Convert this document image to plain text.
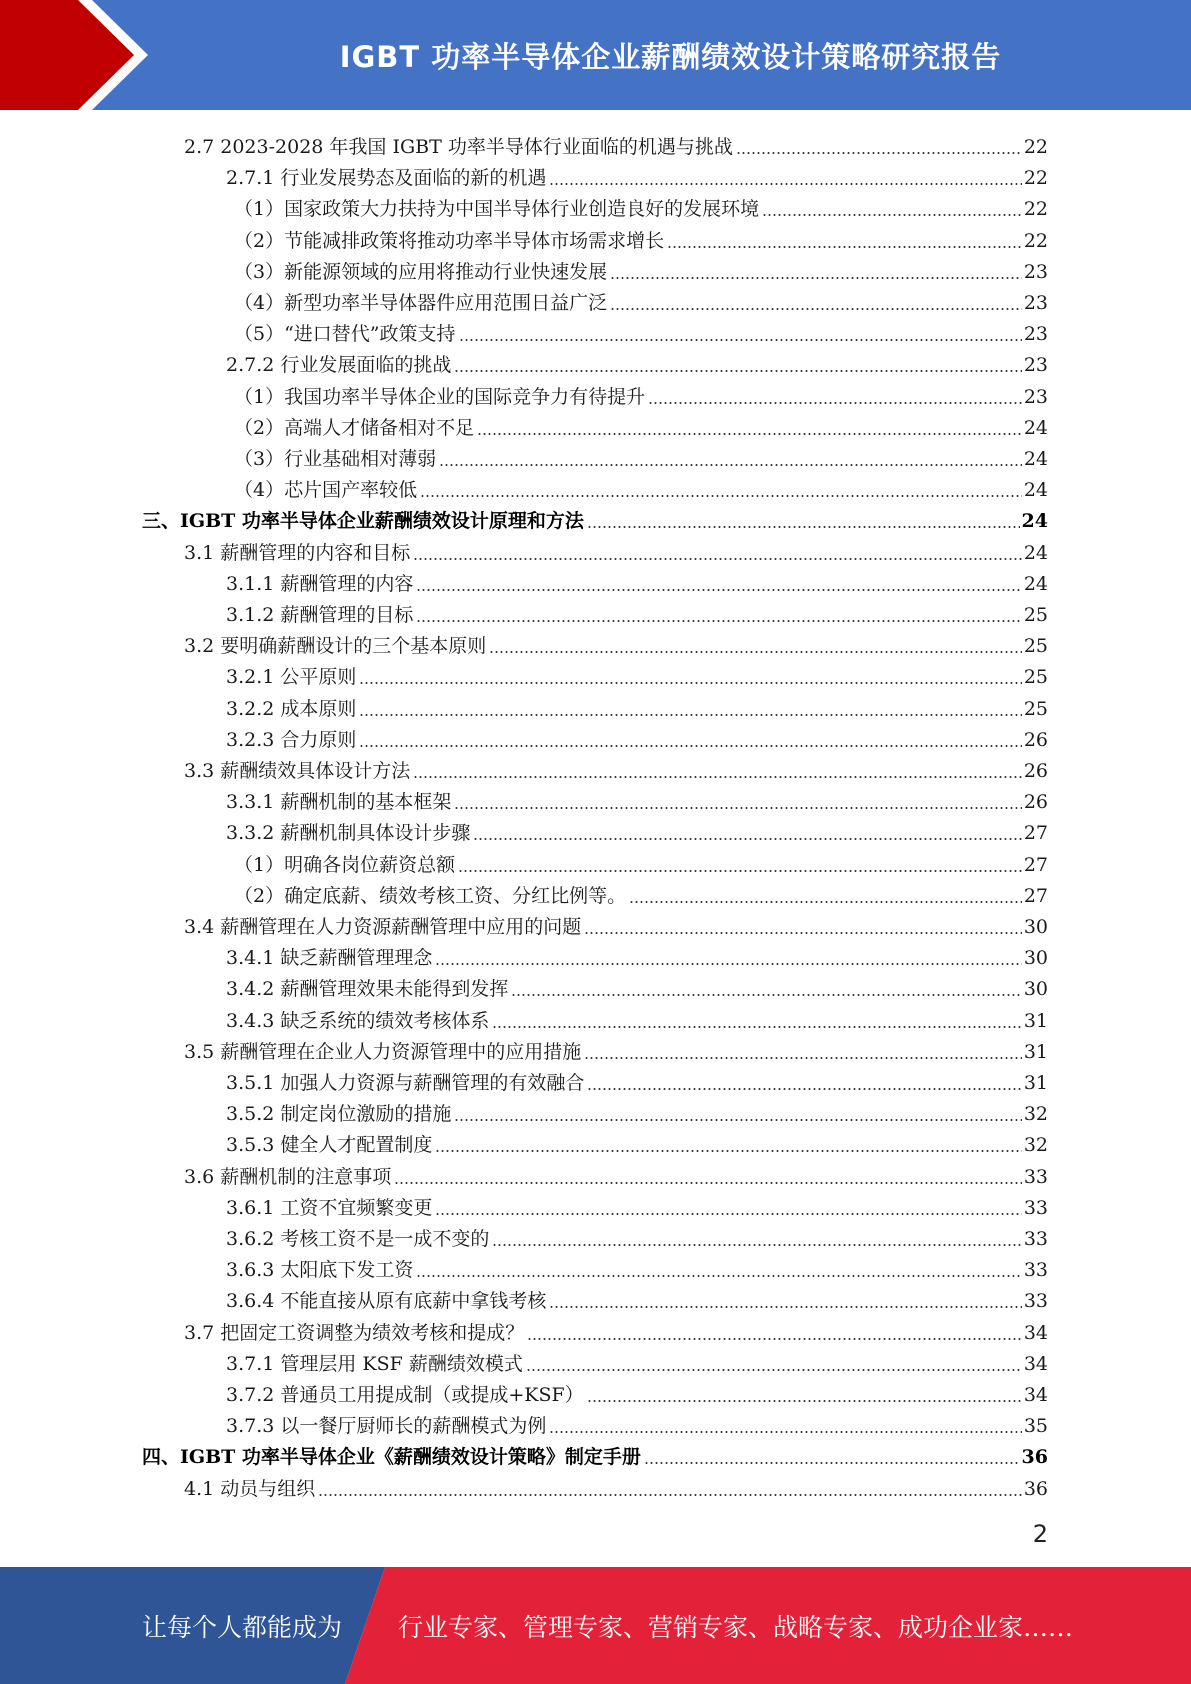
IGBT 功率半导体企业薪酬绩效设计策略研究报告
2.7 2023-2028 年我国 IGBT 功率半导体行业面临的机遇与挑战	22
2.7.1 行业发展势态及面临的新的机遇	22
（1）国家政策大力扶持为中国半导体行业创造良好的发展环境	22
（2）节能减排政策将推动功率半导体市场需求增长	22
（3）新能源领域的应用将推动行业快速发展	23
（4）新型功率半导体器件应用范围日益广泛	23
（5）“进口替代”政策支持	23
2.7.2 行业发展面临的挑战	23
（1）我国功率半导体企业的国际竞争力有待提升	23
（2）高端人才储备相对不足	24
（3）行业基础相对薄弱	24
（4）芯片国产率较低	24
三、IGBT 功率半导体企业薪酬绩效设计原理和方法	24
3.1 薪酬管理的内容和目标	24
3.1.1 薪酬管理的内容	24
3.1.2 薪酬管理的目标	25
3.2 要明确薪酬设计的三个基本原则	25
3.2.1 公平原则	25
3.2.2 成本原则	25
3.2.3 合力原则	26
3.3 薪酬绩效具体设计方法	26
3.3.1 薪酬机制的基本框架	26
3.3.2 薪酬机制具体设计步骤	27
（1）明确各岗位薪资总额	27
（2）确定底薪、绩效考核工资、分红比例等。	27
3.4 薪酬管理在人力资源薪酬管理中应用的问题	30
3.4.1 缺乏薪酬管理理念	30
3.4.2 薪酬管理效果未能得到发挥	30
3.4.3 缺乏系统的绩效考核体系	31
3.5 薪酬管理在企业人力资源管理中的应用措施	31
3.5.1 加强人力资源与薪酬管理的有效融合	31
3.5.2 制定岗位激励的措施	32
3.5.3 健全人才配置制度	32
3.6 薪酬机制的注意事项	33
3.6.1 工资不宜频繁变更	33
3.6.2 考核工资不是一成不变的	33
3.6.3 太阳底下发工资	33
3.6.4 不能直接从原有底薪中拿钱考核	33
3.7 把固定工资调整为绩效考核和提成？	34
3.7.1 管理层用 KSF 薪酬绩效模式	34
3.7.2 普通员工用提成制（或提成+KSF）	34
3.7.3 以一餐厅厨师长的薪酬模式为例	35
四、IGBT 功率半导体企业《薪酬绩效设计策略》制定手册	36
4.1 动员与组织	36
2
让每个人都能成为 行业专家、管理专家、营销专家、战略专家、成功企业家……
